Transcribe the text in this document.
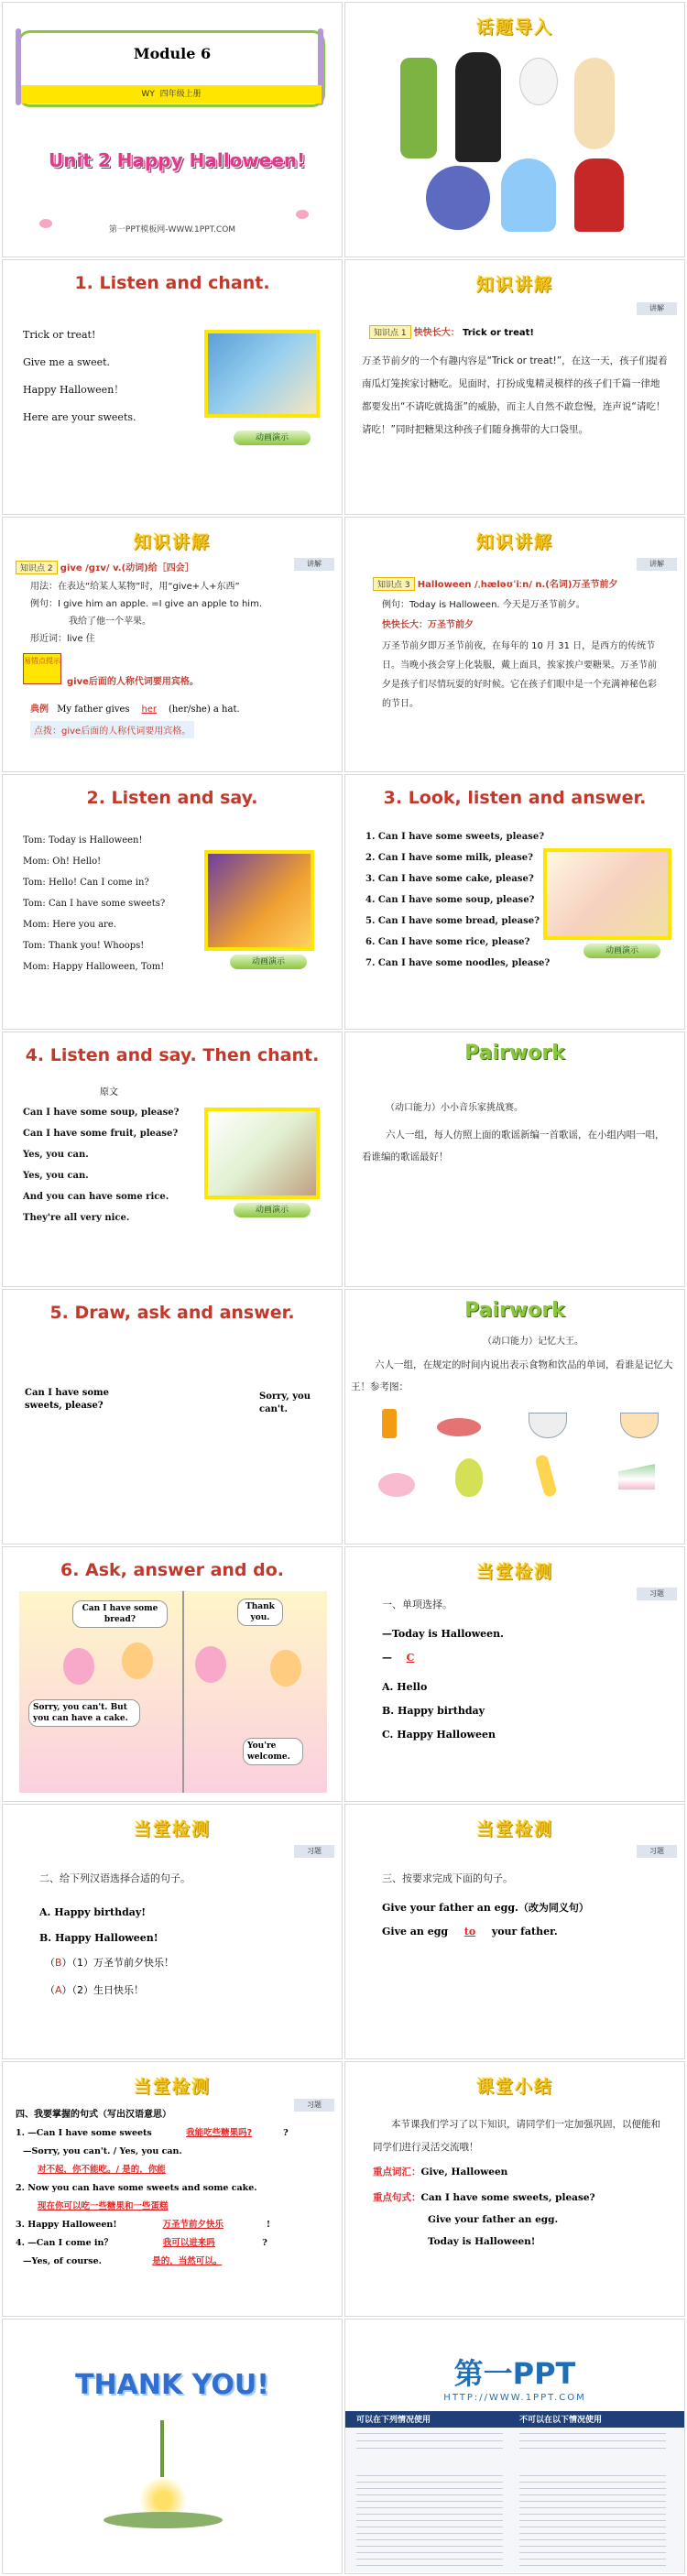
Module 6
WY 四年级上册
Unit 2 Happy Halloween!
第一PPT模板网-WWW.1PPT.COM
话题导入
1. Listen and chant.
Trick or treat!
Give me a sweet.
Happy Halloween！
Here are your sweets.
动画演示
知识讲解
讲解
知识点 1 快快长大： Trick or treat!
万圣节前夕的一个有趣内容是“Trick or treat!”，在这一天，孩子们提着南瓜灯笼挨家讨糖吃。见面时，打扮成鬼精灵模样的孩子们千篇一律地都要发出“不请吃就捣蛋”的威胁，而主人自然不敢怠慢，连声说“请吃！请吃！”同时把糖果这种孩子们随身携带的大口袋里。
知识讲解
讲解
知识点 2 give /ɡɪv/ v.(动词)给［四会］
用法：在表达“给某人某物”时，用“give+人+东西”
例句：I give him an apple. =I give an apple to him.
我给了他一个苹果。
形近词：live 住
易错点提示
give后面的人称代词要用宾格。
典例 My father gives her (her/she) a hat.
点拨：give后面的人称代词要用宾格。
知识讲解
讲解
知识点 3 Halloween /ˌhæləʊˈiːn/ n.(名词)万圣节前夕
例句：Today is Halloween. 今天是万圣节前夕。
快快长大：万圣节前夕
万圣节前夕即万圣节前夜，在每年的 10 月 31 日，是西方的传统节日。当晚小孩会穿上化装服，戴上面具，挨家挨户要糖果。万圣节前夕是孩子们尽情玩耍的好时候。它在孩子们眼中是一个充满神秘色彩的节日。
2. Listen and say.
Tom: Today is Halloween!
Mom: Oh! Hello!
Tom: Hello! Can I come in?
Tom: Can I have some sweets?
Mom: Here you are.
Tom: Thank you! Whoops!
Mom: Happy Halloween, Tom!	动画演示
3. Look, listen and answer.
1. Can I have some sweets, please?
2. Can I have some milk, please?
3. Can I have some cake, please?
4. Can I have some soup, please?
5. Can I have some bread, please?
6. Can I have some rice, please?
7. Can I have some noodles, please?
动画演示
4. Listen and say. Then chant.
原文
Can I have some soup, please?
Can I have some fruit, please?
Yes, you can.
Yes, you can.
And you can have some rice.
They're all very nice.
动画演示
Pairwork
（动口能力）小小音乐家挑战赛。
六人一组，每人仿照上面的歌谣新编一首歌谣，在小组内唱一唱，看谁编的歌谣最好！
5. Draw, ask and answer.
Can I have some sweets, please?
Sorry, you can't.
Pairwork
（动口能力）记忆大王。
六人一组，在规定的时间内说出表示食物和饮品的单词，看谁是记忆大王！参考图：
6. Ask, answer and do.
Can I have some bread?
Thank you.
Sorry, you can't. But you can have a cake.
You're welcome.
当堂检测
习题
一、单项选择。
—Today is Halloween.
— C
A. Hello
B. Happy birthday
C. Happy Halloween
当堂检测
习题
二、给下列汉语选择合适的句子。
A. Happy birthday!
B. Happy Halloween!
（B）（1）万圣节前夕快乐！
（A）（2）生日快乐！
当堂检测
习题
三、按要求完成下面的句子。
Give your father an egg.（改为同义句）
Give an egg to your father.
当堂检测
习题
四、我要掌握的句式（写出汉语意思）
1. —Can I have some sweets	我能吃些糖果吗?	?
—Sorry, you can't. / Yes, you can.
对不起，你不能吃。/ 是的，你能
2. Now you can have some sweets and some cake.
现在你可以吃一些糖果和一些蛋糕
3. Happy Halloween!	万圣节前夕快乐	!
4. —Can I come in？	我可以进来吗	?
—Yes, of course.	是的，当然可以。
课堂小结
本节课我们学习了以下知识，请同学们一定加强巩固，以便能和同学们进行灵活交流哦！
重点词汇：Give, Halloween
重点句式：Can I have some sweets, please?
Give your father an egg.
Today is Halloween!
THANK YOU!	第一PPT
HTTP://WWW.1PPT.COM
可以在下列情况使用	不可以在以下情况使用
